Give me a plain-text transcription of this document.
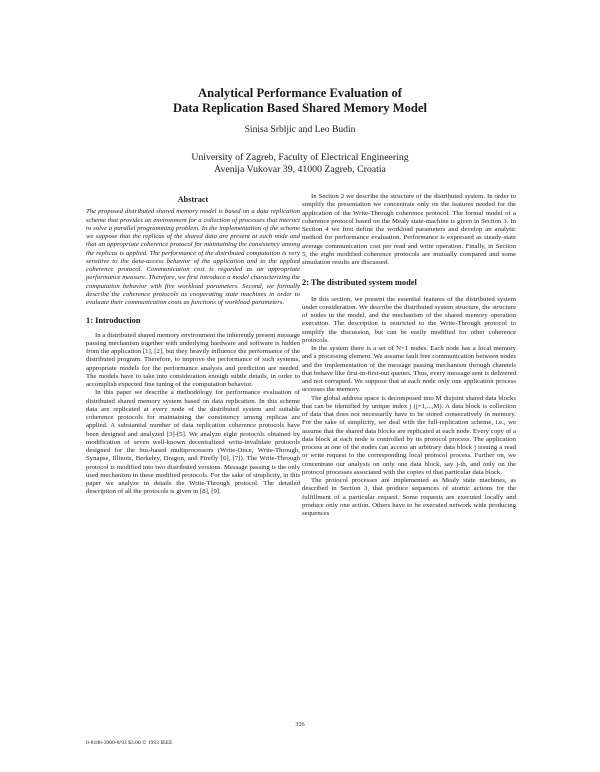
Analytical Performance Evaluation of
Data Replication Based Shared Memory Model
Sinisa Srbljic and Leo Budin
University of Zagreb, Faculty of Electrical Engineering
Avenija Vukovar 39, 41000 Zagreb, Croatia
Abstract

The proposed distributed shared memory model is based on a data replication scheme that provides an environment for a collection of processes that interact to solve a parallel programming problem. In the implementation of the scheme we suppose that the replicas of the shared data are present at each node and that an appropriate coherence protocol for maintaining the consistency among the replicas is applied. The performance of the distributed computation is very sensitive to the data-access behavior of the application and to the applied coherence protocol. Communication cost is regarded as an appropriate performance measure. Therefore, we first introduce a model characterizing the computation behavior with five workload parameters. Second, we formally describe the coherence protocols as cooperating state machines in order to evaluate their communication costs as functions of workload parameters.

1: Introduction

In a distributed shared memory environment the inherently present message passing mechanism together with underlying hardware and software is hidden from the application [1], [2], but they heavily influence the performance of the distributed program. Therefore, to improve the performance of such systems, appropriate models for the performance analysis and prediction are needed. The models have to take into consideration enough subtle details, in order to accomplish expected fine tuning of the computation behavior.

In this paper we describe a methodology for performance evaluation of distributed shared memory system based on data replication. In this scheme data are replicated at every node of the distributed system and suitable coherence protocols for maintaining the consistency among replicas are applied. A substantial number of data replication coherence protocols have been designed and analyzed [3]-[5]. We analyze eight protocols obtained by modification of seven well-known decentralized write-invalidate protocols designed for the bus-based multiprocessors (Write-Once, Write-Through, Synapse, Illinois, Berkeley, Dragon, and Firefly [6], [7]). The Write-Through protocol is modified into two distributed versions. Message passing is the only used mechanism in these modified protocols. For the sake of simplicity, in this paper we analyze in details the Write-Through protocol. The detailed description of all the protocols is given in [8], [9].

In Section 2 we describe the structure of the distributed system. In order to simplify the presentation we concentrate only on the features needed for the application of the Write-Through coherence protocol. The formal model of a coherence protocol based on the Mealy state-machine is given in Section 3. In Section 4 we first define the workload parameters and develop an analytic method for performance evaluation. Performance is expressed as steady-state average communication cost per read and write operation. Finally, in Section 5, the eight modified coherence protocols are mutually compared and some simulation results are discussed.

2: The distributed system model

In this section, we present the essential features of the distributed system under consideration. We describe the distributed system structure, the structure of nodes in the model, and the mechanism of the shared memory operation execution. The description is restricted to the Write-Through protocol to simplify the discussion, but can be easily modified for other coherence protocols.

In the system there is a set of N+1 nodes. Each node has a local memory and a processing element. We assume fault free communication between nodes and the implementation of the message passing mechanism through channels that behave like first-in-first-out queues. Thus, every message sent is delivered and not corrupted. We suppose that at each node only one application process accesses the memory.

The global address space is decomposed into M disjoint shared data blocks that can be identified by unique index j (j=1,...,M). A data block is collection of data that does not necessarily have to be stored consecutively in memory. For the sake of simplicity, we deal with the full-replication scheme, i.e., we assume that the shared data blocks are replicated at each node. Every copy of a data block at each node is controlled by its protocol process. The application process at one of the nodes can access an arbitrary data block j issuing a read or write request to the corresponding local protocol process. Further on, we concentrate our analysis on only one data block, say j-th, and only on the protocol processes associated with the copies of that particular data block.

The protocol processes are implemented as Mealy state machines, as described in Section 3, that produce sequences of atomic actions for the fulfillment of a particular request. Some requests are executed locally and produce only one action. Others have to be executed network wide producing sequences

326
0-8186-3900-8/93 $3.00 © 1993 IEEE
